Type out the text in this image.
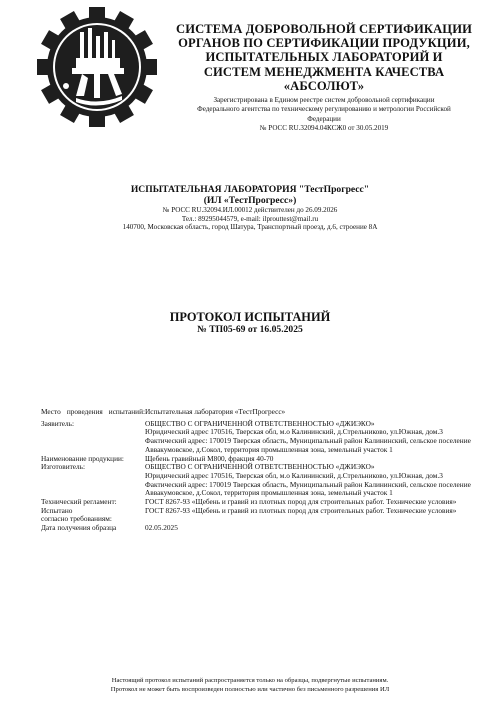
СИСТЕМА ДОБРОВОЛЬНОЙ СЕРТИФИКАЦИИ
ОРГАНОВ ПО СЕРТИФИКАЦИИ ПРОДУКЦИИ,
ИСПЫТАТЕЛЬНЫХ ЛАБОРАТОРИЙ И
СИСТЕМ МЕНЕДЖМЕНТА КАЧЕСТВА
«АБСОЛЮТ»
Зарегистрирована в Едином реестре систем добровольной сертификации
Федерального агентства по техническому регулированию и метрологии Российской
Федерации
№ РОСС RU.32094.04КСЖ0 от 30.05.2019
ИСПЫТАТЕЛЬНАЯ ЛАБОРАТОРИЯ "ТестПрогресс"
(ИЛ «ТестПрогресс»)
№ РОСС RU.32094.ИЛ.00012 действителен до 26.09.2026
Тел.: 89295044579, e-mail: ilprouttest@mail.ru
140700, Московская область, город Шатура, Транспортный проезд, д.6, строение 8А
ПРОТОКОЛ ИСПЫТАНИЙ
№ ТП05-69 от 16.05.2025
Место проведения испытаний: Испытательная лаборатория «ТестПрогресс»
Заявитель:	ОБЩЕСТВО С ОГРАНИЧЕННОЙ ОТВЕТСТВЕННОСТЬЮ «ДЖИЭКО»
Юридический адрес 170516, Тверская обл, м.о Калининский, д.Стрельниково, ул.Южная, дом.3
Фактический адрес: 170019 Тверская область, Муниципальный район Калининский, сельское поселение Аввакумовское, д.Сокол, территория промышленная зона, земельный участок 1
Наименование продукции:	Щебень гравийный М800, фракция 40-70
Изготовитель:	ОБЩЕСТВО С ОГРАНИЧЕННОЙ ОТВЕТСТВЕННОСТЬЮ «ДЖИЭКО»
Юридический адрес 170516, Тверская обл, м.о Калининский, д.Стрельниково, ул.Южная, дом.3
Фактический адрес: 170019 Тверская область, Муниципальный район Калининский, сельское поселение Аввакумовское, д.Сокол, территория промышленная зона, земельный участок 1
Технический регламент:	ГОСТ 8267-93 «Щебень и гравий из плотных пород для строительных работ. Технические условия»
Испытано
согласно требованиям:
ГОСТ 8267-93 «Щебень и гравий из плотных пород для строительных работ. Технические условия»
Дата получения образца	02.05.2025
Настоящий протокол испытаний распространяется только на образцы, подвергнутые испытаниям.
Протокол не может быть воспроизведен полностью или частично без письменного разрешения ИЛ
